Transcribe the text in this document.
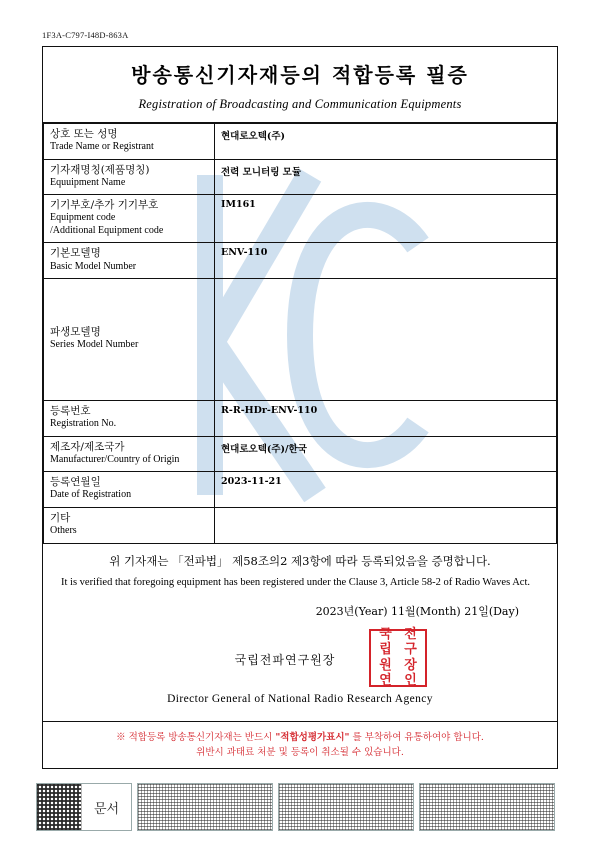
1F3A-C797-I48D-863A
방송통신기자재등의 적합등록 필증
Registration of Broadcasting and Communication Equipments
상호 또는 성명
Trade Name or Registrant	현대로오텍(주)

기자재명칭(제품명칭)
Equuipment Name	전력 모니터링 모듈

기기부호/추가 기기부호
Equipment code
/Additional Equipment code	IM161

기본모델명
Basic Model Number	ENV-110

파생모델명
Series Model Number	

등록번호
Registration No.	R-R-HDr-ENV-110

제조자/제조국가
Manufacturer/Country of Origin	현대로오텍(주)/한국

등록연월일
Date of Registration	2023-11-21

기타
Others	

위 기자재는 「전파법」 제58조의2 제3항에 따라 등록되었음을 증명합니다.
It is verified that foregoing equipment has been registered under the Clause 3, Article 58-2 of Radio Waves Act.
2023년(Year) 11월(Month) 21일(Day)
국립전파연구원장
국 전
립 구
원 장
연 인
Director General of National Radio Research Agency
※ 적합등록 방송통신기자재는 반드시 "적합성평가표시" 를 부착하여 유통하여야 합니다.
위반시 과태료 처분 및 등록이 취소될 수 있습니다.
문서
